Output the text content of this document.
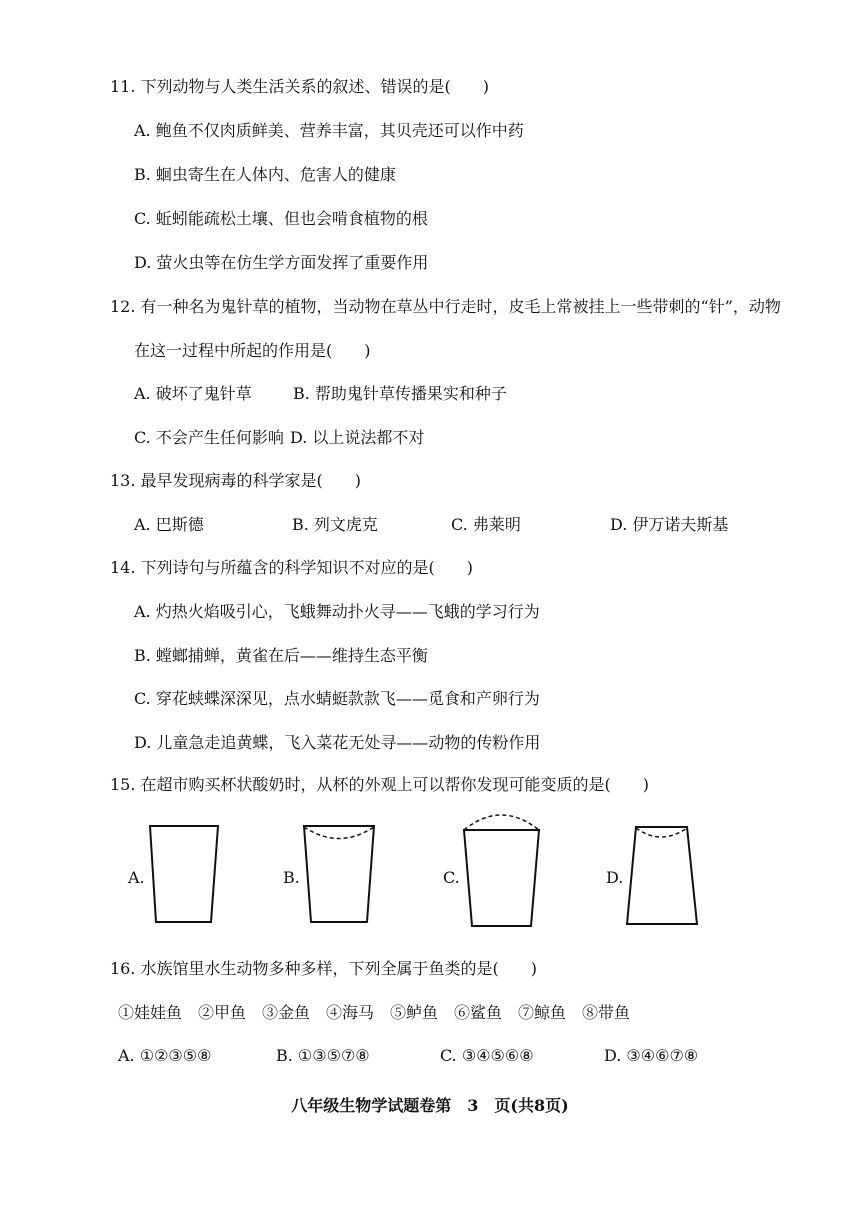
11. 下列动物与人类生活关系的叙述、错误的是(　　)
A. 鲍鱼不仅肉质鲜美、营养丰富，其贝壳还可以作中药
B. 蛔虫寄生在人体内、危害人的健康
C. 蚯蚓能疏松土壤、但也会啃食植物的根
D. 萤火虫等在仿生学方面发挥了重要作用
12. 有一种名为鬼针草的植物，当动物在草丛中行走时，皮毛上常被挂上一些带刺的“针”，动物
在这一过程中所起的作用是(　　)
A. 破坏了鬼针草	B. 帮助鬼针草传播果实和种子
C. 不会产生任何影响 D. 以上说法都不对
13. 最早发现病毒的科学家是(　　)
A. 巴斯德	B. 列文虎克	C. 弗莱明	D. 伊万诺夫斯基
14. 下列诗句与所蕴含的科学知识不对应的是(　　)
A. 灼热火焰吸引心，飞蛾舞动扑火寻——飞蛾的学习行为
B. 螳螂捕蝉，黄雀在后——维持生态平衡
C. 穿花蛱蝶深深见，点水蜻蜓款款飞——觅食和产卵行为
D. 儿童急走追黄蝶，飞入菜花无处寻——动物的传粉作用
15. 在超市购买杯状酸奶时，从杯的外观上可以帮你发现可能变质的是(　　)
A.	B.	C.	D.
16. 水族馆里水生动物多种多样，下列全属于鱼类的是(　　)
①娃娃鱼　②甲鱼　③金鱼　④海马　⑤鲈鱼　⑥鲨鱼　⑦鲸鱼　⑧带鱼
A. ①②③⑤⑧	B. ①③⑤⑦⑧	C. ③④⑤⑥⑧	D. ③④⑥⑦⑧
八年级生物学试题卷第　3　页(共8页)
